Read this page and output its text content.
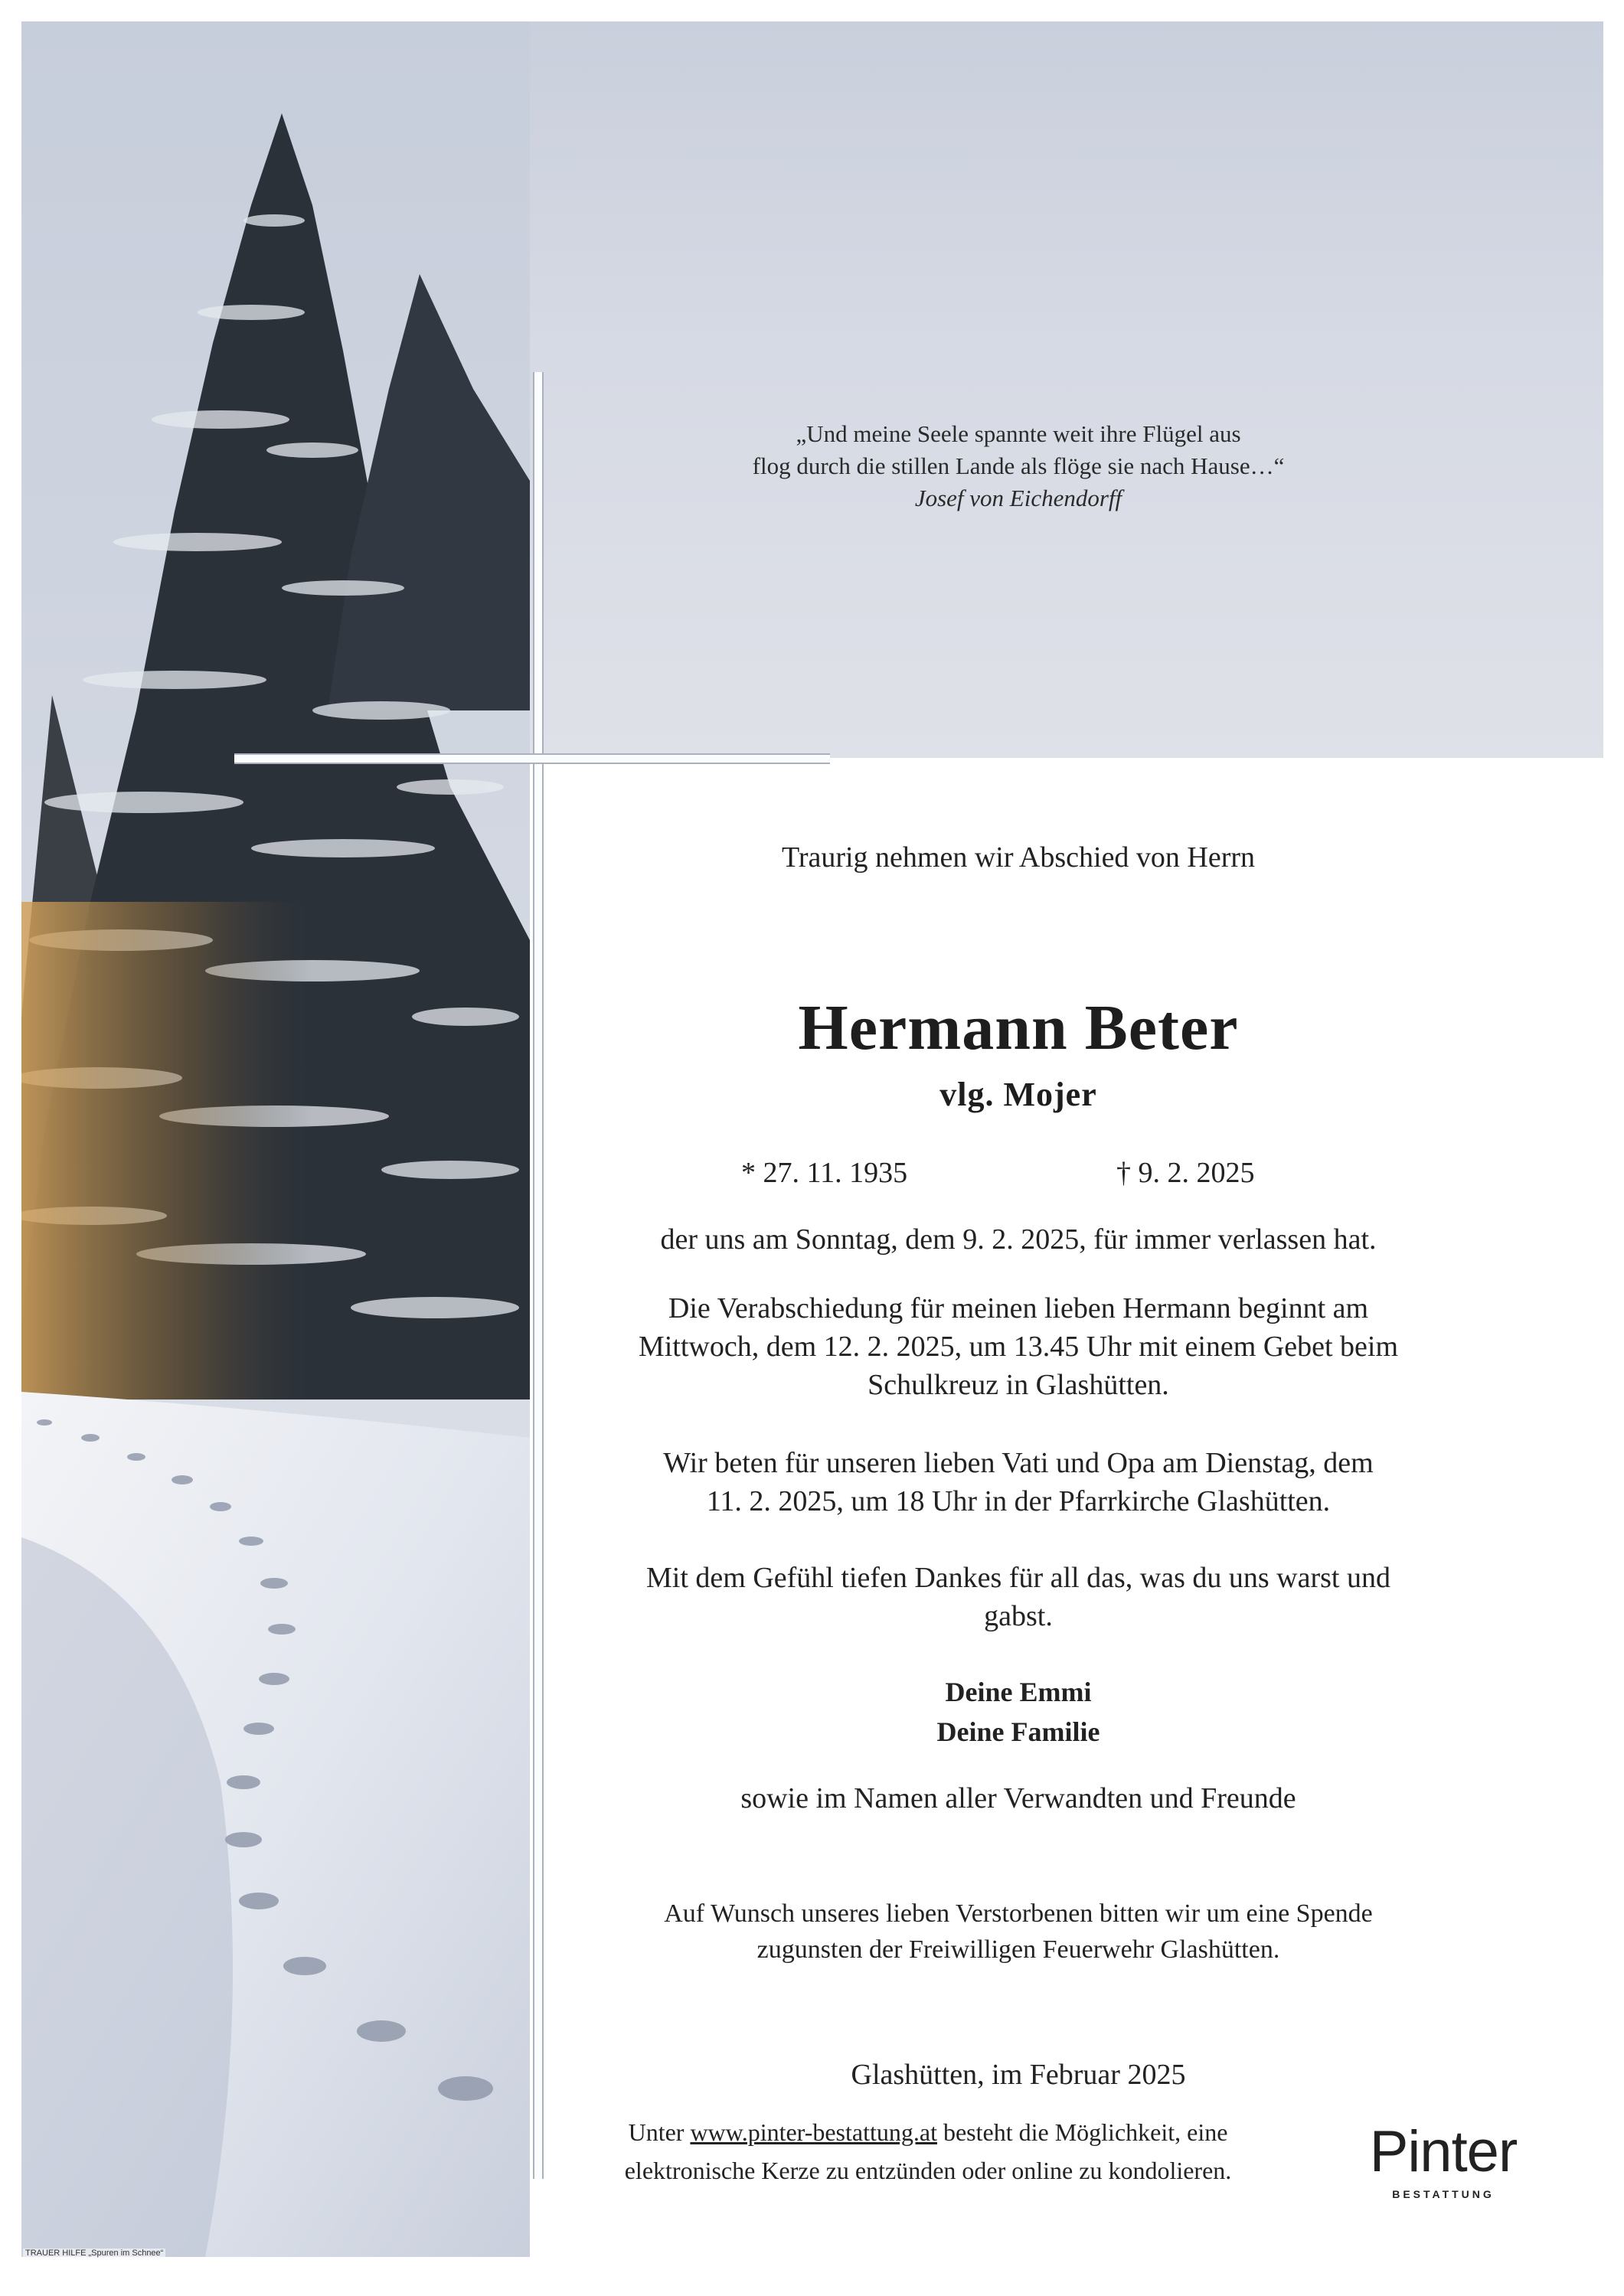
„Und meine Seele spannte weit ihre Flügel aus
flog durch die stillen Lande als flöge sie nach Hause…“
Josef von Eichendorff
Traurig nehmen wir Abschied von Herrn
Hermann Beter
vlg. Mojer
* 27. 11. 1935	† 9. 2. 2025
der uns am Sonntag, dem 9. 2. 2025, für immer verlassen hat.
Die Verabschiedung für meinen lieben Hermann beginnt am
Mittwoch, dem 12. 2. 2025, um 13.45 Uhr mit einem Gebet beim
Schulkreuz in Glashütten.
Wir beten für unseren lieben Vati und Opa am Dienstag, dem
11. 2. 2025, um 18 Uhr in der Pfarrkirche Glashütten.
Mit dem Gefühl tiefen Dankes für all das, was du uns warst und
gabst.
Deine Emmi
Deine Familie
sowie im Namen aller Verwandten und Freunde
Auf Wunsch unseres lieben Verstorbenen bitten wir um eine Spende
zugunsten der Freiwilligen Feuerwehr Glashütten.
Glashütten, im Februar 2025
Unter www.pinter-bestattung.at besteht die Möglichkeit, eine
elektronische Kerze zu entzünden oder online zu kondolieren.	Pinter
BESTATTUNG
TRAUER HILFE „Spuren im Schnee“
